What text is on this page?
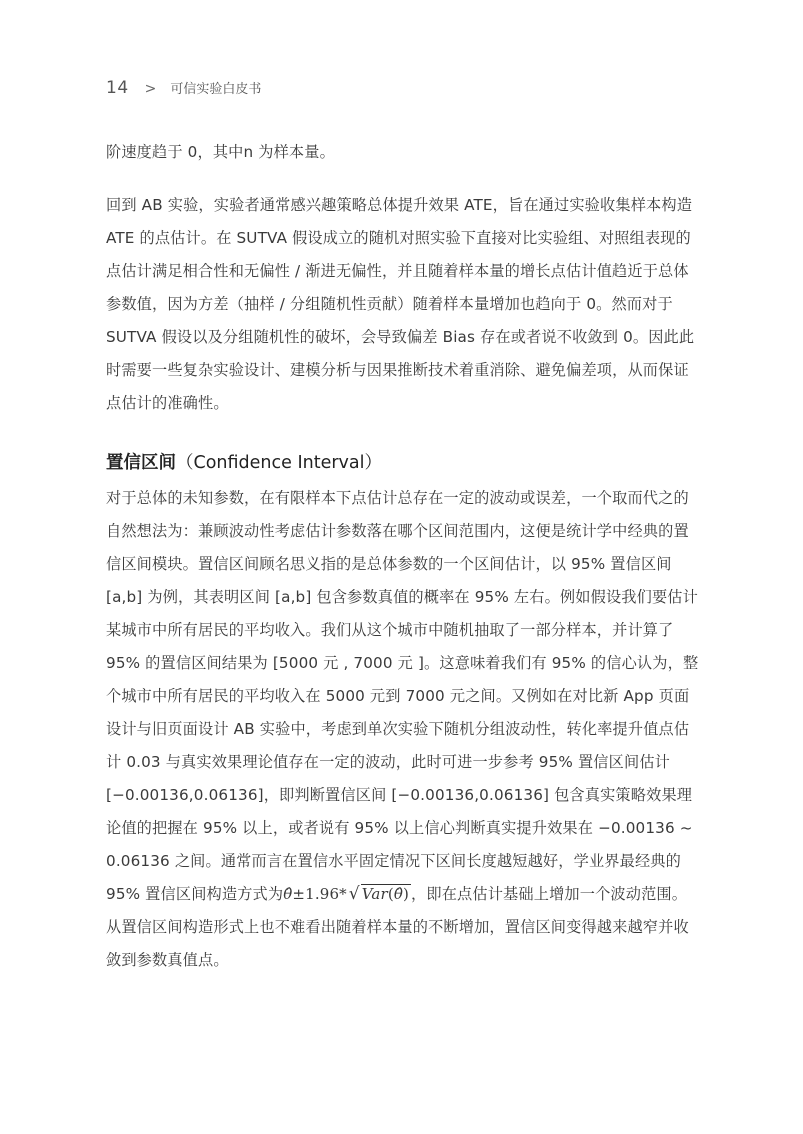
14 > 可信实验白皮书

阶速度趋于 0，其中n 为样本量。

回到 AB 实验，实验者通常感兴趣策略总体提升效果 ATE，旨在通过实验收集样本构造 ATE 的点估计。在 SUTVA 假设成立的随机对照实验下直接对比实验组、对照组表现的点估计满足相合性和无偏性 / 渐进无偏性，并且随着样本量的增长点估计值趋近于总体参数值，因为方差（抽样 / 分组随机性贡献）随着样本量增加也趋向于 0。然而对于 SUTVA 假设以及分组随机性的破坏，会导致偏差 Bias 存在或者说不收敛到 0。因此此时需要一些复杂实验设计、建模分析与因果推断技术着重消除、避免偏差项，从而保证点估计的准确性。

置信区间（Confidence Interval）

对于总体的未知参数，在有限样本下点估计总存在一定的波动或误差，一个取而代之的自然想法为：兼顾波动性考虑估计参数落在哪个区间范围内，这便是统计学中经典的置信区间模块。置信区间顾名思义指的是总体参数的一个区间估计，以 95% 置信区间 [a,b] 为例，其表明区间 [a,b] 包含参数真值的概率在 95% 左右。例如假设我们要估计某城市中所有居民的平均收入。我们从这个城市中随机抽取了一部分样本，并计算了 95% 的置信区间结果为 [5000 元 , 7000 元 ]。这意味着我们有 95% 的信心认为，整个城市中所有居民的平均收入在 5000 元到 7000 元之间。又例如在对比新 App 页面设计与旧页面设计 AB 实验中，考虑到单次实验下随机分组波动性，转化率提升值点估计 0.03 与真实效果理论值存在一定的波动，此时可进一步参考 95% 置信区间估计 [−0.00136,0.06136]，即判断置信区间 [−0.00136,0.06136] 包含真实策略效果理论值的把握在 95% 以上，或者说有 95% 以上信心判断真实提升效果在 −0.00136 ~ 0.06136 之间。通常而言在置信水平固定情况下区间长度越短越好，学业界最经典的 95% 置信区间构造方式为θ̂±1.96* √ Var(θ̂) ，即在点估计基础上增加一个波动范围。从置信区间构造形式上也不难看出随着样本量的不断增加，置信区间变得越来越窄并收敛到参数真值点。
